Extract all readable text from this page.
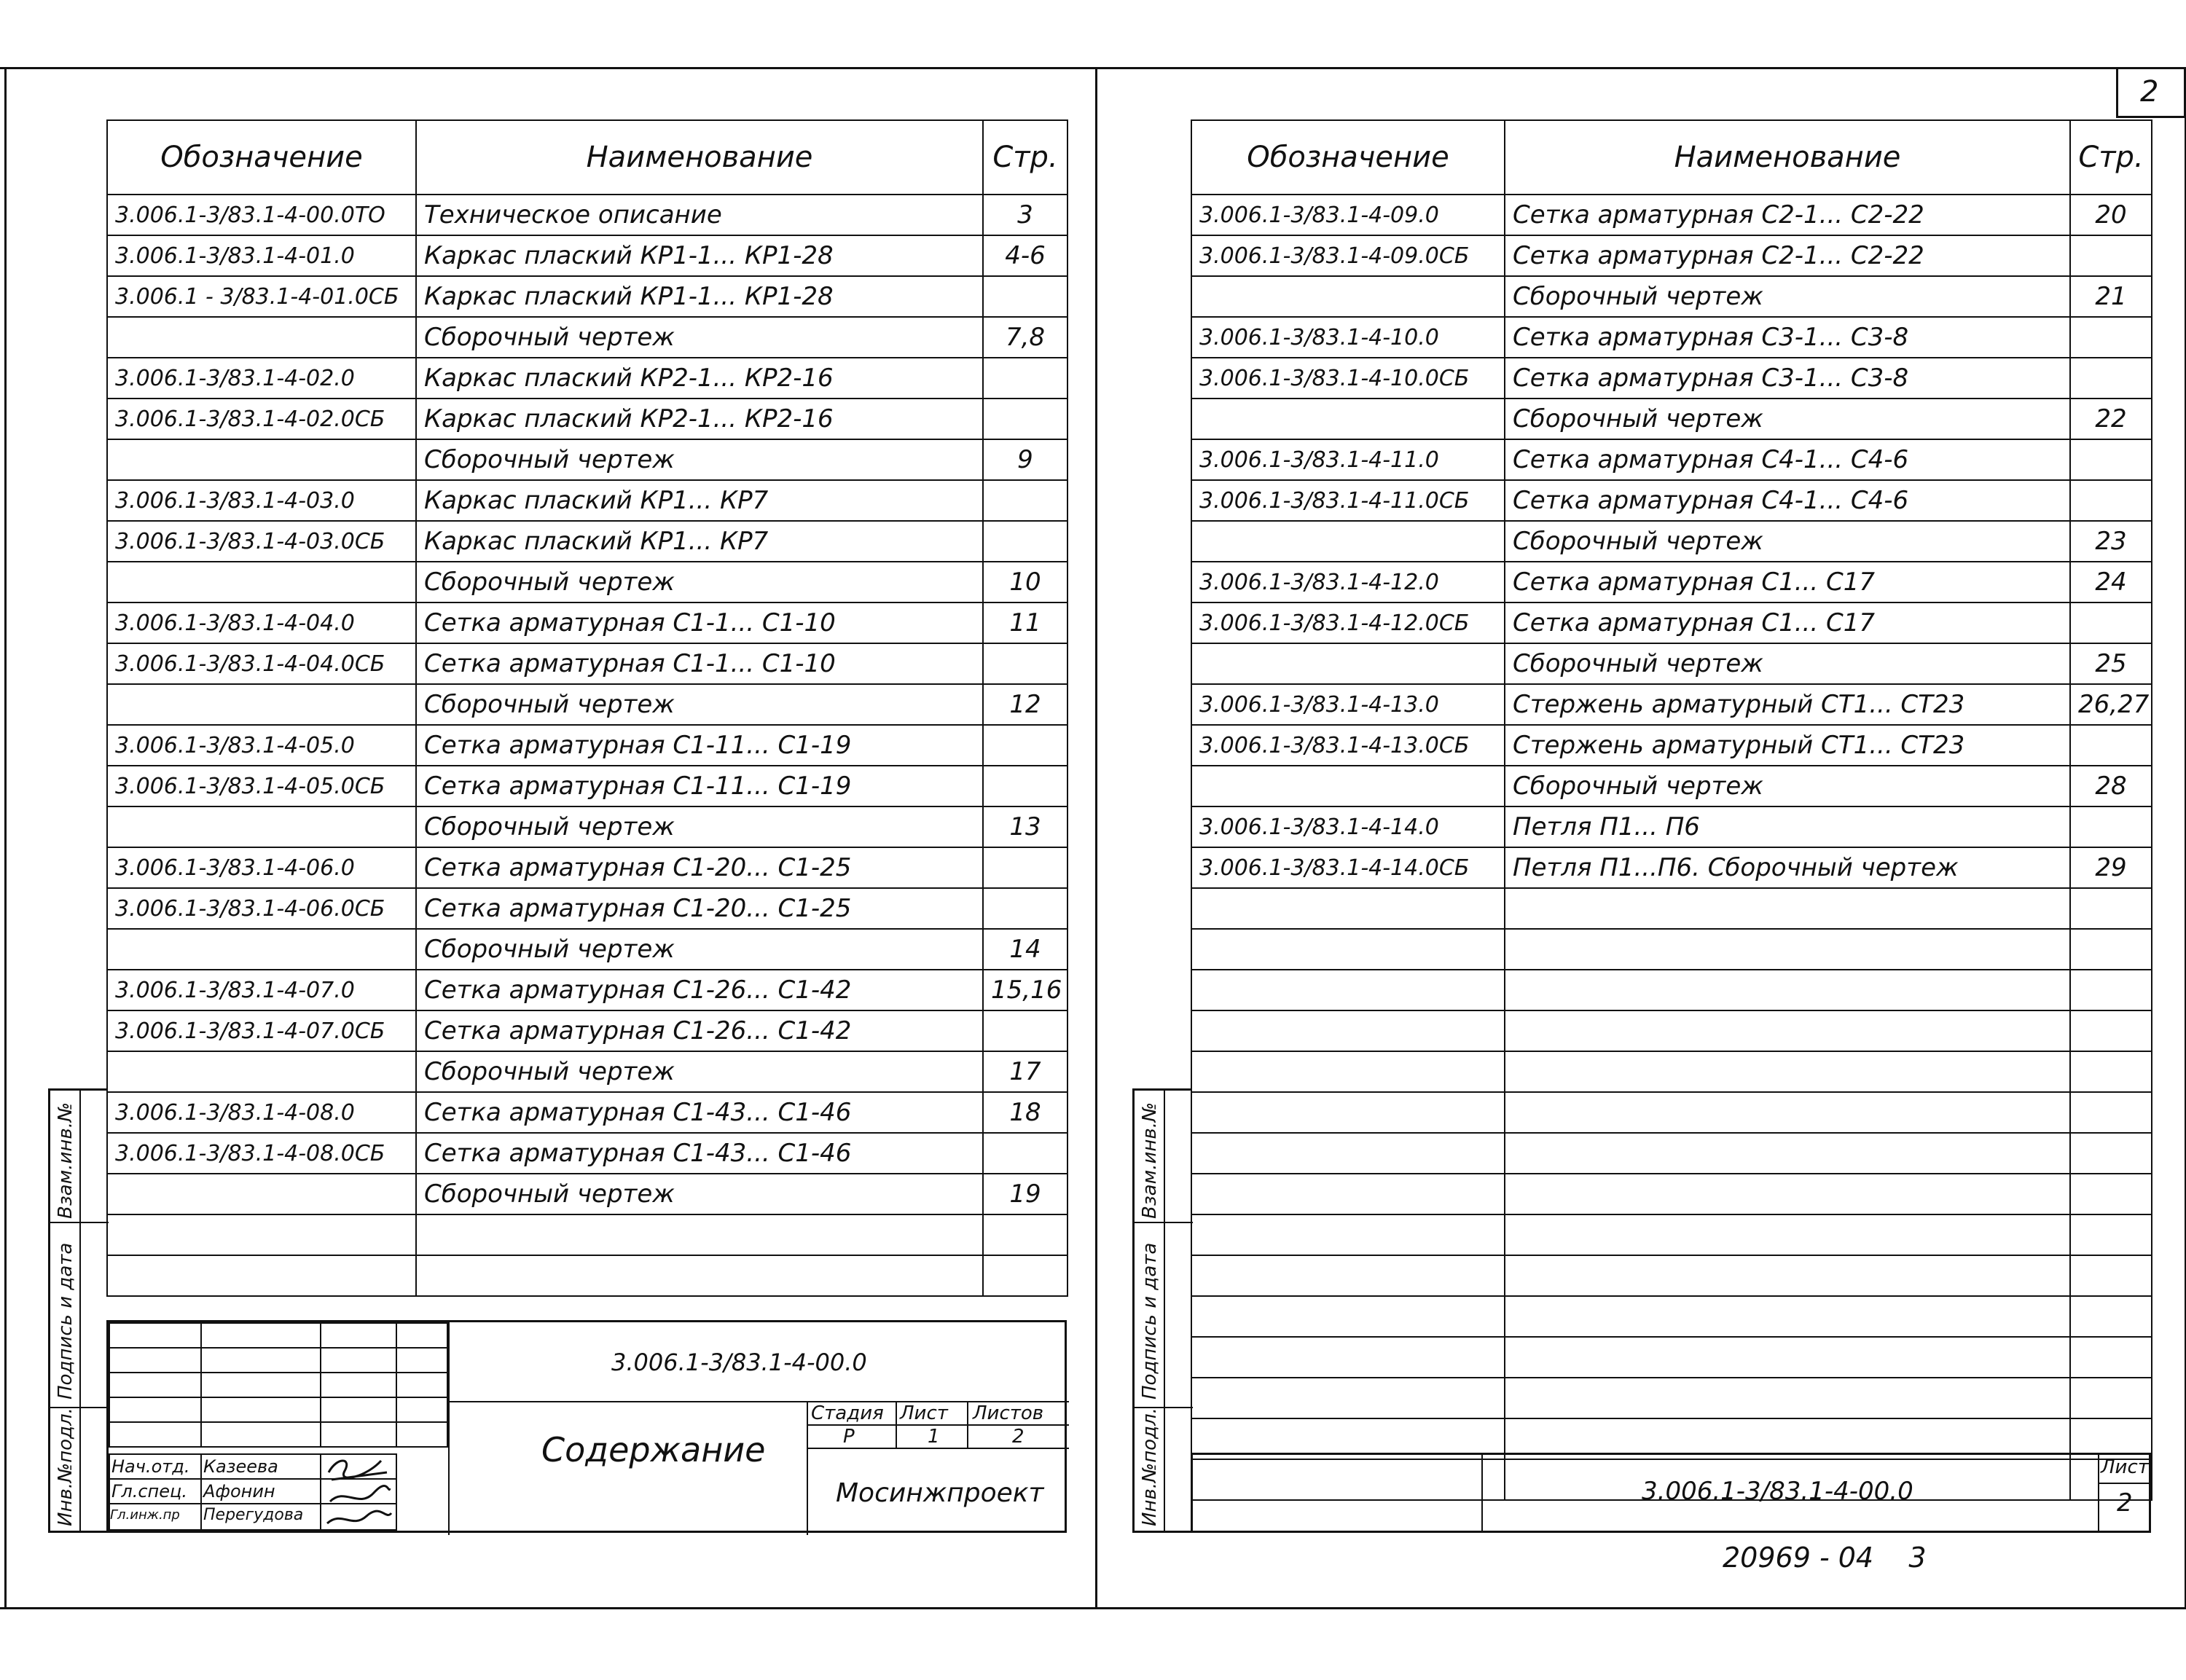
2
Обозначение	Наименование	Стр.
3.006.1-3/83.1-4-00.0ТО	Техническое описание	3
3.006.1-3/83.1-4-01.0	Каркас плаский КР1-1... КР1-28	4-6
3.006.1 - 3/83.1-4-01.0СБ	Каркас плаский КР1-1... КР1-28	
	Сборочный чертеж	7,8
3.006.1-3/83.1-4-02.0	Каркас плаский КР2-1... КР2-16	
3.006.1-3/83.1-4-02.0СБ	Каркас плаский КР2-1... КР2-16	
	Сборочный чертеж	9
3.006.1-3/83.1-4-03.0	Каркас плаский КР1... КР7	
3.006.1-3/83.1-4-03.0СБ	Каркас плаский КР1... КР7	
	Сборочный чертеж	10
3.006.1-3/83.1-4-04.0	Сетка арматурная С1-1... С1-10	11
3.006.1-3/83.1-4-04.0СБ	Сетка арматурная С1-1... С1-10	
	Сборочный чертеж	12
3.006.1-3/83.1-4-05.0	Сетка арматурная С1-11... С1-19	
3.006.1-3/83.1-4-05.0СБ	Сетка арматурная С1-11... С1-19	
	Сборочный чертеж	13
3.006.1-3/83.1-4-06.0	Сетка арматурная С1-20... С1-25	
3.006.1-3/83.1-4-06.0СБ	Сетка арматурная С1-20... С1-25	
	Сборочный чертеж	14
3.006.1-3/83.1-4-07.0	Сетка арматурная С1-26... С1-42	15,16
3.006.1-3/83.1-4-07.0СБ	Сетка арматурная С1-26... С1-42	
	Сборочный чертеж	17
3.006.1-3/83.1-4-08.0	Сетка арматурная С1-43... С1-46	18
3.006.1-3/83.1-4-08.0СБ	Сетка арматурная С1-43... С1-46	
	Сборочный чертеж	19

Нач.отд. Казеева
Гл.спец. Афонин
Гл.инж.пр Перегудова
3.006.1-3/83.1-4-00.0
Содержание
Стадия Лист Листов
Р	1	2
Мосинжпроект
Взам.инв.№
Подпись и дата
Инв.№подл.
Обозначение	Наименование	Стр.
3.006.1-3/83.1-4-09.0	Сетка арматурная С2-1... С2-22	20
3.006.1-3/83.1-4-09.0СБ	Сетка арматурная С2-1... С2-22	
	Сборочный чертеж	21
3.006.1-3/83.1-4-10.0	Сетка арматурная С3-1... С3-8	
3.006.1-3/83.1-4-10.0СБ	Сетка арматурная С3-1... С3-8	
	Сборочный чертеж	22
3.006.1-3/83.1-4-11.0	Сетка арматурная С4-1... С4-6	
3.006.1-3/83.1-4-11.0СБ	Сетка арматурная С4-1... С4-6	
	Сборочный чертеж	23
3.006.1-3/83.1-4-12.0	Сетка арматурная С1... С17	24
3.006.1-3/83.1-4-12.0СБ	Сетка арматурная С1... С17	
	Сборочный чертеж	25
3.006.1-3/83.1-4-13.0	Стержень арматурный СТ1... СТ23	26,27
3.006.1-3/83.1-4-13.0СБ	Стержень арматурный СТ1... СТ23	
	Сборочный чертеж	28
3.006.1-3/83.1-4-14.0	Петля П1... П6	
3.006.1-3/83.1-4-14.0СБ	Петля П1...П6. Сборочный чертеж	29

3.006.1-3/83.1-4-00.0
Лист
2
Взам.инв.№
Подпись и дата
Инв.№подл.
20969 - 04    3
